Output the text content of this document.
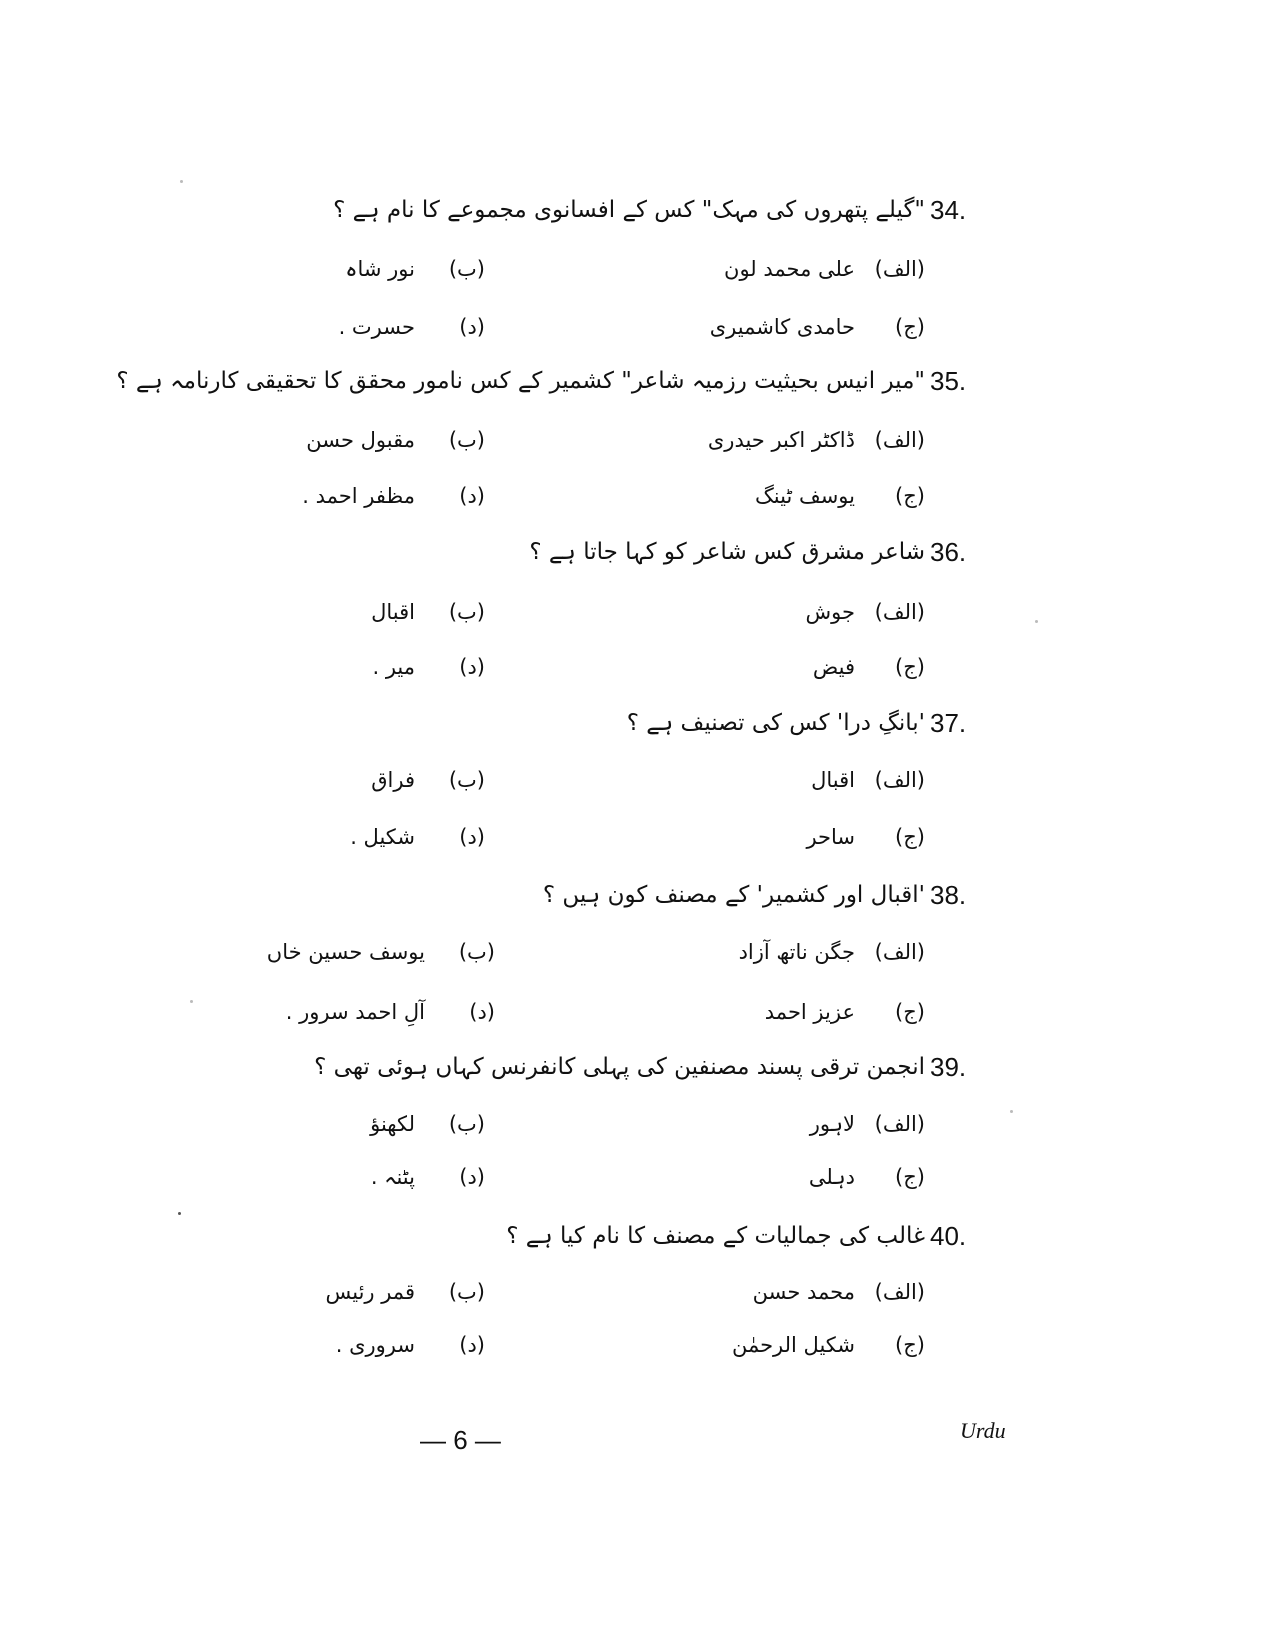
34.
"گیلے پتھروں کی مہک" کس کے افسانوی مجموعے کا نام ہے ؟
(الف)علی محمد لون
(ب)نور شاہ
(ج)حامدی کاشمیری
(د)حسرت .
35.
"میر انیس بحیثیت رزمیہ شاعر" کشمیر کے کس نامور محقق کا تحقیقی کارنامہ ہے ؟
(الف)ڈاکٹر اکبر حیدری
(ب)مقبول حسن
(ج)یوسف ٹینگ
(د)مظفر احمد .
36.
شاعر مشرق کس شاعر کو کہا جاتا ہے ؟
(الف)جوش
(ب)اقبال
(ج)فیض
(د)میر .
37.
'بانگِ درا' کس کی تصنیف ہے ؟
(الف)اقبال
(ب)فراق
(ج)ساحر
(د)شکیل .
38.
'اقبال اور کشمیر' کے مصنف کون ہیں ؟
(الف)جگن ناتھ آزاد
(ب)یوسف حسین خاں
(ج)عزیز احمد
(د)آلِ احمد سرور .
39.
انجمن ترقی پسند مصنفین کی پہلی کانفرنس کہاں ہوئی تھی ؟
(الف)لاہور
(ب)لکھنؤ
(ج)دہلی
(د)پٹنہ .
40.
غالب کی جمالیات کے مصنف کا نام کیا ہے ؟
(الف)محمد حسن
(ب)قمر رئیس
(ج)شکیل الرحمٰن
(د)سروری .
— 6 —	Urdu
